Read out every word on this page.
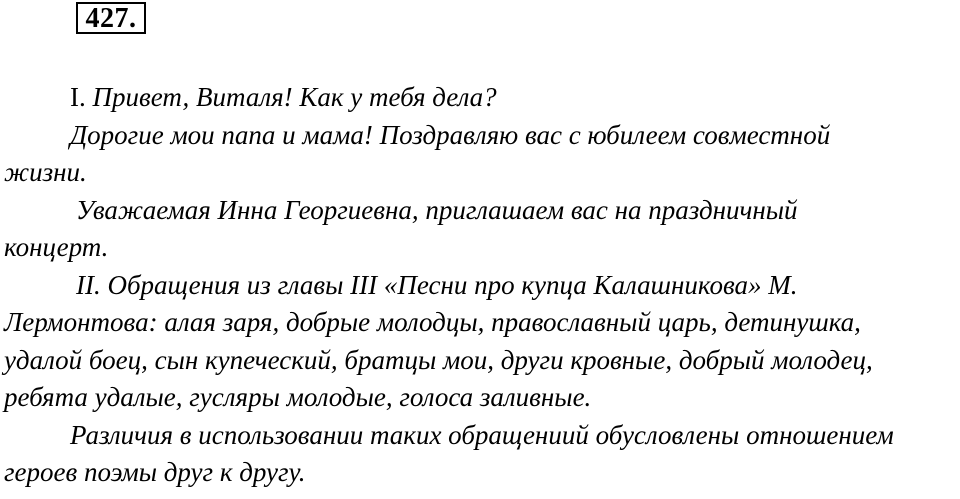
427.

I. Привет, Виталя! Как у тебя дела?

Дорогие мои папа и мама! Поздравляю вас с юбилеем совместной

жизни.

Уважаемая Инна Георгиевна, приглашаем вас на праздничный

концерт.

II. Обращения из главы III «Песни про купца Калашникова» М.

Лермонтова: алая заря, добрые молодцы, православный царь, детинушка,

удалой боец, сын купеческий, братцы мои, други кровные, добрый молодец,

ребята удалые, гусляры молодые, голоса заливные.

Различия в использовании таких обращениий обусловлены отношением

героев поэмы друг к другу.
